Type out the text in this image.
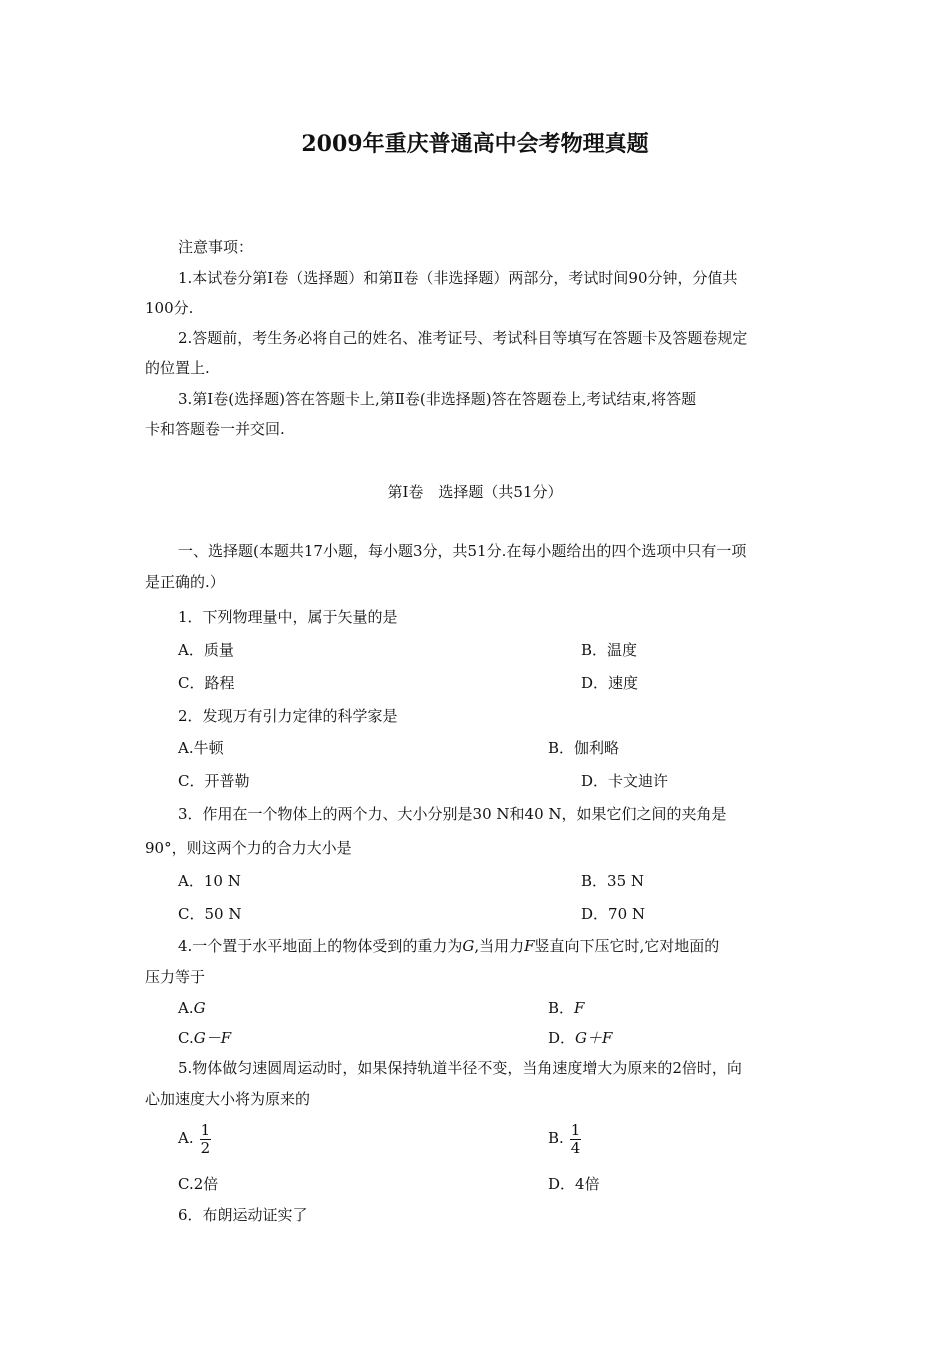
2009年重庆普通高中会考物理真题
注意事项：
1.本试卷分第Ⅰ卷（选择题）和第Ⅱ卷（非选择题）两部分，考试时间90分钟，分值共
100分.
2.答题前，考生务必将自己的姓名、准考证号、考试科目等填写在答题卡及答题卷规定
的位置上.
3.第Ⅰ卷(选择题)答在答题卡上,第Ⅱ卷(非选择题)答在答题卷上,考试结束,将答题
卡和答题卷一并交回.
第Ⅰ卷　选择题（共51分）
一、选择题(本题共17小题，每小题3分，共51分.在每小题给出的四个选项中只有一项
是正确的.）
1．下列物理量中，属于矢量的是
A．质量	B．温度
C．路程	D．速度
2．发现万有引力定律的科学家是
A.牛顿	B．伽利略
C．开普勒	D．卡文迪许
3．作用在一个物体上的两个力、大小分别是30 N和40 N，如果它们之间的夹角是
90°，则这两个力的合力大小是
A．10 N	B．35 N
C．50 N	D．70 N
4.一个置于水平地面上的物体受到的重力为G,当用力F竖直向下压它时,它对地面的
压力等于
A.G	B．F
C.G－F	D．G＋F
5.物体做匀速圆周运动时，如果保持轨道半径不变，当角速度增大为原来的2倍时，向
心加速度大小将为原来的
A. $\frac{1}{2}$	B. $\frac{1}{4}$
C.2倍	D．4倍
6．布朗运动证实了
